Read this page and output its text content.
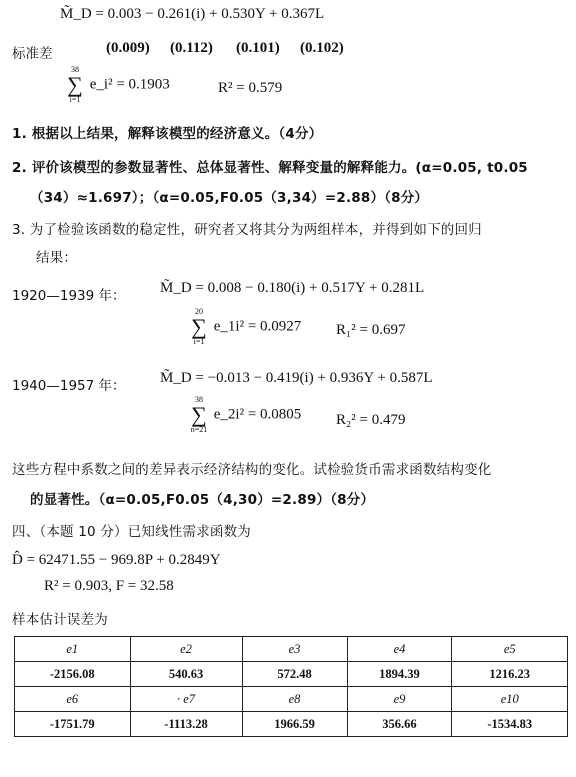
M̃_D = 0.003 − 0.261(i) + 0.530Y + 0.367L
标准差	(0.009) (0.112) (0.101) (0.102)
38
∑
i=1
e_i² = 0.1903	R² = 0.579
1. 根据以上结果，解释该模型的经济意义。（4分）
2. 评价该模型的参数显著性、总体显著性、解释变量的解释能力。(α=0.05, t0.05
（34）≈1.697）；（α=0.05,F0.05（3,34）=2.88）（8分）
3. 为了检验该函数的稳定性，研究者又将其分为两组样本，并得到如下的回归
结果：
1920—1939 年： M̃_D = 0.008 − 0.180(i) + 0.517Y + 0.281L
20
∑
i=1
e_1i² = 0.0927 R₁² = 0.697
1940—1957 年： M̃_D = −0.013 − 0.419(i) + 0.936Y + 0.587L
38
∑
n=21
e_2i² = 0.0805 R₂² = 0.479
这些方程中系数之间的差异表示经济结构的变化。试检验货币需求函数结构变化
的显著性。（α=0.05,F0.05（4,30）=2.89）（8分）
四、（本题 10 分）已知线性需求函数为
D̂ = 62471.55 − 969.8P + 0.2849Y
R² = 0.903, F = 32.58
样本估计误差为
e1	e2	e3	e4	e5
-2156.08	540.63	572.48	1894.39	1216.23
e6	· e7	e8	e9	e10
-1751.79	-1113.28	1966.59	356.66	-1534.83
